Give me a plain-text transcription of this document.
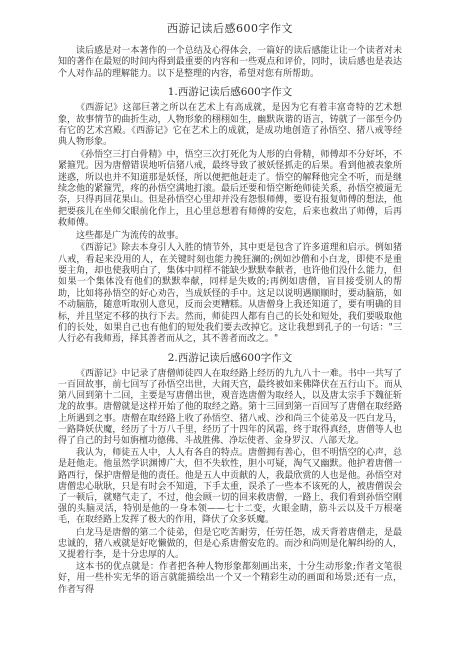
西游记读后感600字作文

读后感是对一本著作的一个总结及心得体会，一篇好的读后感能让让一个读者对未知的著作在最短的时间内得到最重要的内容和一些观点和评价，同时，读后感也是表达个人对作品的理解能力。以下是整理的内容，希望对您有所帮助。

1.西游记读后感600字作文

《西游记》这部巨著之所以在艺术上有高成就，是因为它有着丰富奇特的艺术想象，故事情节的曲折生动，人物形象的栩栩如生，幽默诙谐的语言，铸就了一部至今仍有它的艺术宫殿。《西游记》它在艺术上的成就，是成功地创造了孙悟空、猪八戒等经典人物形象。

《孙悟空三打白骨精》中，悟空三次打死化为人形的白骨精，师傅却不分好坏，不紧箍咒。因为唐僧错误地听信猪八戒，最终导致了被妖怪抓走的后果。看到他被表象所迷惑，所以也并不知道那是妖怪，所以便把他赶走了。悟空的解释他完全不听，而是继续念他的紧箍咒，疼的孙悟空满地打滚。最后还要和悟空断绝师徒关系，孙悟空被逼无奈，只得再回花果山。但是孙悟空心里却并没有怨恨师傅，要设有报复师傅的想法，他把要孩儿在坐师父眼前化作上，且心里总想着有师傅的安危，后来也救出了师傅，后再救师傅。

这些都是广为流传的故事。

《西游记》除去本身引人入胜的情节外，其中更是包含了许多道理和启示。例如猪八戒，看起来没用的人，在关键时刻也能力挽狂澜的;例如沙僧和小白龙，即使不是重要主角，却也使我明白了，集体中同样不能缺少默默奉献者，也许他们没什么能力，但如果一个集体没有他们的默默奉献，同样是失败的;再例如唐僧，盲目接受别人的帮助，比如将孙悟空的好心劝告，当成妖怪的手中。这足以说明遇顺顺时，要动脑筋，如不动脑筋，随意听取别人意见，反而会更糟糕。从唐僧身上我还知道了，要有明确的目标，并且坚定不移的执行下去。然而，师徒四人都有自己的长处和短处，我们要吸取他们的长处，如果自己也有他们的短处我们要去改掉它。这让我想到孔子的一句话："三人行必有我师焉，择其善者而从之，其不善者而改之。"

2.西游记读后感600字作文

《西游记》中记录了唐僧师徒四人在取经路上经历的九九八十一难。书中一共写了一百回故事，前七回写了孙悟空出世，大闹天宫，最终被如来佛降伏在五行山下。而从第八回到第十二回，主要是写唐僧出世，观音选唐僧为取经人，以及唐太宗手下魏征斩龙的故事。唐僧就是这样开始了他的取经之路。第十三回到第一百回写了唐僧在取经路上所遇到之事。唐僧在取经路上收了孙悟空、猪八戒、沙和尚三个徒弟及一匹白龙马，一路降妖伏魔，经历了十万八千里，经历了十四年的风霜，终于取得真经，唐僧等人也得了自己的封号如旃檀功德佛、斗战胜佛、净坛使者、金身罗汉、八部天龙。

我认为，师徒五人中，人人有各自的特点。唐僧拥有善心，但不明悟空的心声，总是赶他走。他虽然学识渊博广大，但不失软性，胆小可疑，淘气又幽默。他护着唐僧一路西行，保护唐僧是他的责任。他是五人中贡献的人，我最欣赏的人也是他。孙悟空对唐僧忠心耿耿，只是有时会不知道，下手太重，误杀了一些本不该死的人，被唐僧误会了一顿后，就赌气走了，不过，他会顾一切的回来救唐僧，一路上，我们看到孙悟空刚强的头脑灵活，特别是他的一身本领——七十二变，火眼金睛，筋斗云以及千万根毫毛，在取经路上发挥了极大的作用，降伏了众多妖魔。

白龙马是唐僧的第二个徒弟，但是它吃苦耐劳，任劳任怨，成天背着唐僧走，是最忠诚的，猪八戒就是好吃懒做的，但是心系唐僧安危的。而沙和尚则是化解纠纷的人，又提着行李，是十分忠厚的人。

这本书的优点就是：作者把各种人物形象都刻画出来，十分生动形象;作者文笔很好，用一些朴实无华的语言就能描绘出一个又一个精彩生动的画面和场景;还有一点，作者写得
